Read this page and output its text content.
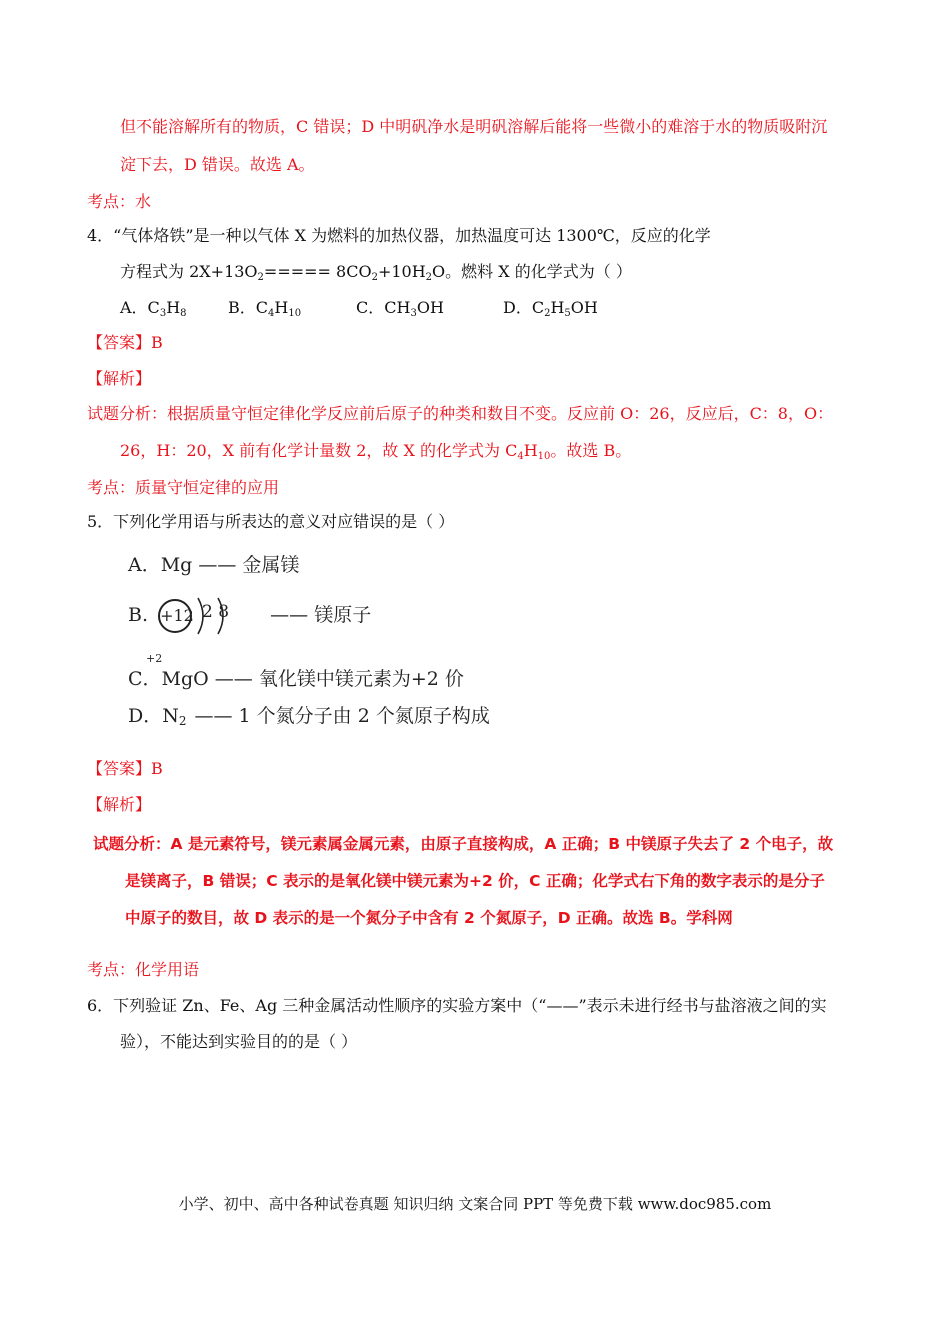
但不能溶解所有的物质，C 错误；D 中明矾净水是明矾溶解后能将一些微小的难溶于水的物质吸附沉
淀下去，D 错误。故选 A。
考点：水
4．“气体烙铁”是一种以气体 X 为燃料的加热仪器，加热温度可达 1300℃，反应的化学
方程式为 $2X+13O_2===== 8CO_2+10H_2O$。燃料 X 的化学式为（ ）
A．$C_3H_8$	B．$C_4H_{10}$	C．$CH_3OH$	D．$C_2H_5OH$
【答案】B
【解析】
试题分析：根据质量守恒定律化学反应前后原子的种类和数目不变。反应前 O：26，反应后，C：8，O：
26，H：20，X 前有化学计量数 2，故 X 的化学式为 $C_4H_{10}$。故选 B。
考点：质量守恒定律的应用
5．下列化学用语与所表达的意义对应错误的是（ ）
A．Mg —— 金属镁
B. +12 2 8 —— 镁原子
+2
C．MgO —— 氧化镁中镁元素为+2 价
D．$N_2$ —— 1 个氮分子由 2 个氮原子构成
【答案】B
【解析】
试题分析：A 是元素符号，镁元素属金属元素，由原子直接构成，A 正确；B 中镁原子失去了 2 个电子，故
是镁离子，B 错误；C 表示的是氧化镁中镁元素为+2 价，C 正确；化学式右下角的数字表示的是分子
中原子的数目，故 D 表示的是一个氮分子中含有 2 个氮原子，D 正确。故选 B。学科网
考点：化学用语
6．下列验证 Zn、Fe、Ag 三种金属活动性顺序的实验方案中（“——”表示未进行经书与盐溶液之间的实
验），不能达到实验目的的是（ ）
小学、初中、高中各种试卷真题 知识归纳 文案合同 PPT 等免费下载 www.doc985.com
